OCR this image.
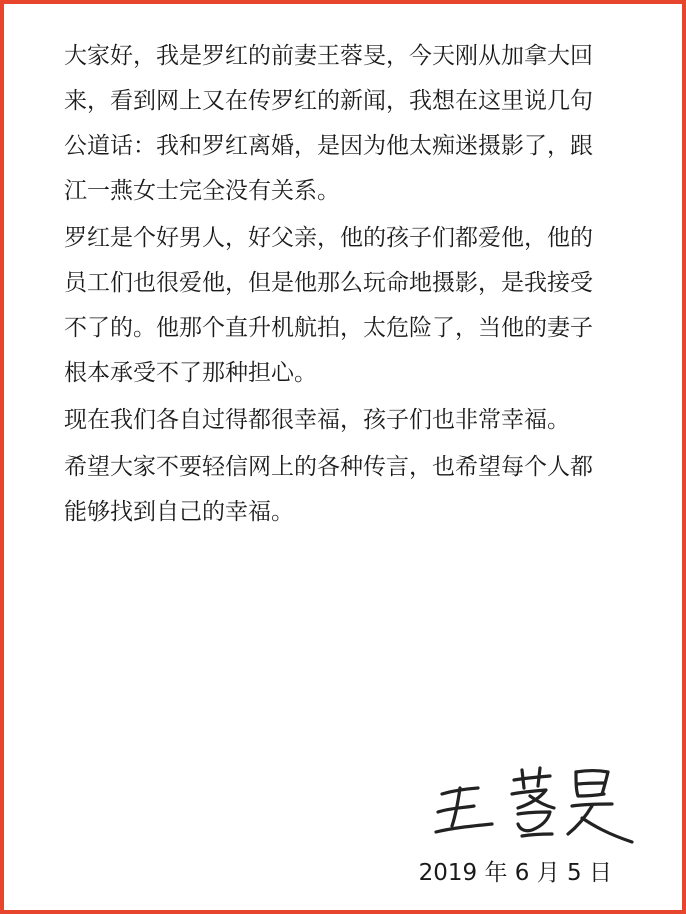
大家好，我是罗红的前妻王蓉旻，今天刚从加拿大回
来，看到网上又在传罗红的新闻，我想在这里说几句
公道话：我和罗红离婚，是因为他太痴迷摄影了，跟
江一燕女士完全没有关系。
罗红是个好男人，好父亲，他的孩子们都爱他，他的
员工们也很爱他，但是他那么玩命地摄影，是我接受
不了的。他那个直升机航拍，太危险了，当他的妻子
根本承受不了那种担心。
现在我们各自过得都很幸福，孩子们也非常幸福。
希望大家不要轻信网上的各种传言，也希望每个人都
能够找到自己的幸福。
2019 年 6 月 5 日
